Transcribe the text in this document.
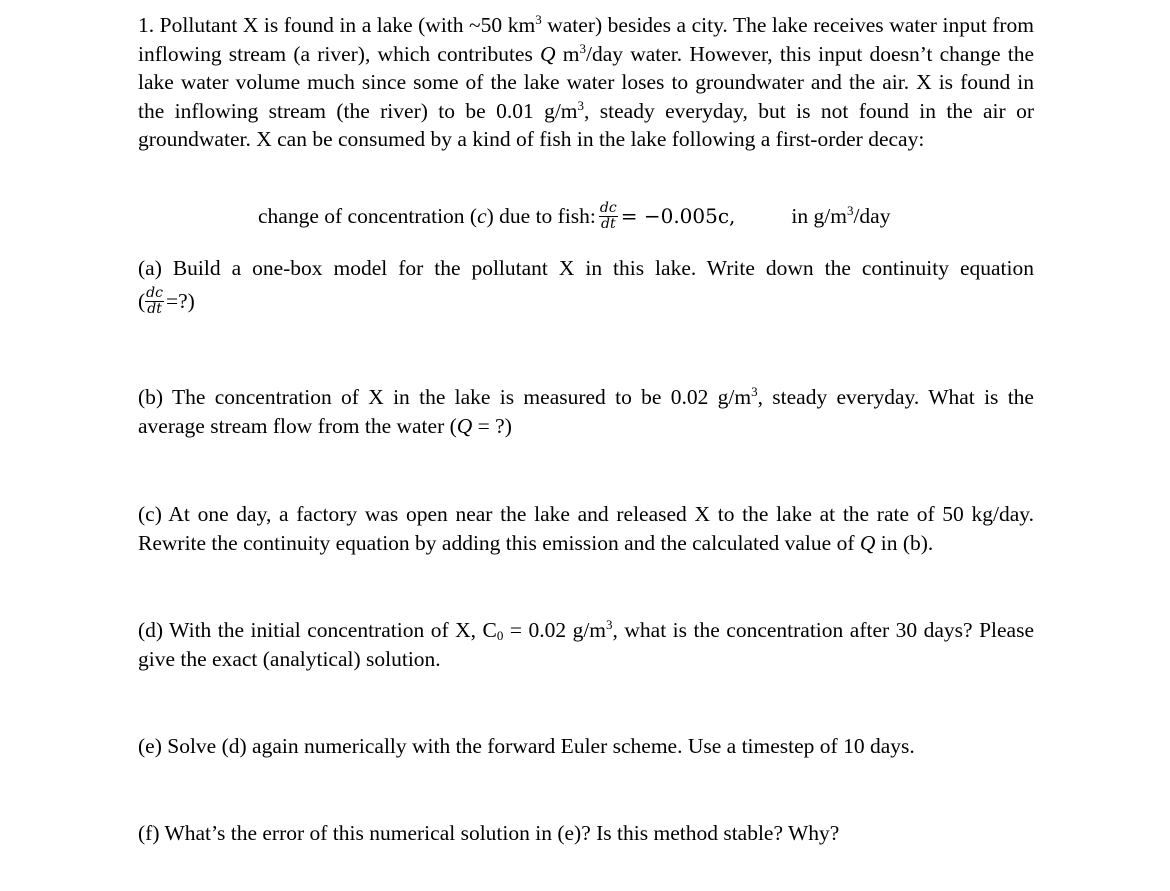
1. Pollutant X is found in a lake (with ~50 $km^3$ water) besides a city. The lake receives water input from inflowing stream (a river), which contributes Q $m^3$/day water. However, this input doesn’t change the lake water volume much since some of the lake water loses to groundwater and the air. X is found in the inflowing stream (the river) to be 0.01 $g/m^3$, steady everyday, but is not found in the air or groundwater. X can be consumed by a kind of fish in the lake following a first-order decay:

change of concentration ( c ) due to fish: $\frac{dc}{dt} = -0.005c$,	in $g/m^3$/day

(a) Build a one-box model for the pollutant X in this lake. Write down the continuity equation

( $\frac{dc}{dt}$ =?)

(b) The concentration of X in the lake is measured to be 0.02 $g/m^3$, steady everyday. What is the average stream flow from the water (Q = ?)

(c) At one day, a factory was open near the lake and released X to the lake at the rate of 50 kg/day. Rewrite the continuity equation by adding this emission and the calculated value of Q in (b).

(d) With the initial concentration of X, $C_0 = 0.02$ $g/m^3$, what is the concentration after 30 days? Please give the exact (analytical) solution.

(e) Solve (d) again numerically with the forward Euler scheme. Use a timestep of 10 days.

(f) What’s the error of this numerical solution in (e)? Is this method stable? Why?
